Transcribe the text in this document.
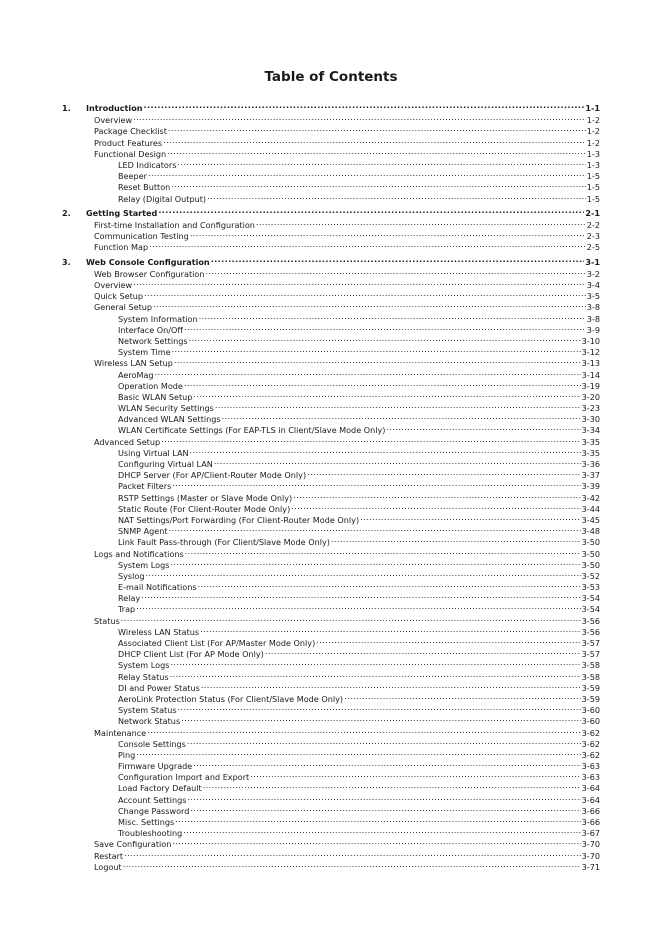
Table of Contents
1.	Introduction .....	1-1
Overview .....	1-2
Package Checklist .....	1-2
Product Features .....	1-2
Functional Design .....	1-3
LED Indicators .....	1-3
Beeper .....	1-5
Reset Button .....	1-5
Relay (Digital Output) .....	1-5
2.	Getting Started .....	2-1
First-time Installation and Configuration .....	2-2
Communication Testing .....	2-3
Function Map .....	2-5
3.	Web Console Configuration .....	3-1
Web Browser Configuration .....	3-2
Overview .....	3-4
Quick Setup .....	3-5
General Setup .....	3-8
System Information .....	3-8
Interface On/Off .....	3-9
Network Settings .....	3-10
System Time .....	3-12
Wireless LAN Setup .....	3-13
AeroMag .....	3-14
Operation Mode .....	3-19
Basic WLAN Setup .....	3-20
WLAN Security Settings .....	3-23
Advanced WLAN Settings .....	3-30
WLAN Certificate Settings (For EAP-TLS in Client/Slave Mode Only) .....	3-34
Advanced Setup .....	3-35
Using Virtual LAN .....	3-35
Configuring Virtual LAN .....	3-36
DHCP Server (For AP/Client-Router Mode Only) .....	3-37
Packet Filters .....	3-39
RSTP Settings (Master or Slave Mode Only) .....	3-42
Static Route (For Client-Router Mode Only) .....	3-44
NAT Settings/Port Forwarding (For Client-Router Mode Only) .....	3-45
SNMP Agent .....	3-48
Link Fault Pass-through (For Client/Slave Mode Only) .....	3-50
Logs and Notifications .....	3-50
System Logs .....	3-50
Syslog .....	3-52
E-mail Notifications .....	3-53
Relay .....	3-54
Trap .....	3-54
Status .....	3-56
Wireless LAN Status .....	3-56
Associated Client List (For AP/Master Mode Only) .....	3-57
DHCP Client List (For AP Mode Only) .....	3-57
System Logs .....	3-58
Relay Status .....	3-58
DI and Power Status .....	3-59
AeroLink Protection Status (For Client/Slave Mode Only) .....	3-59
System Status .....	3-60
Network Status .....	3-60
Maintenance .....	3-62
Console Settings .....	3-62
Ping .....	3-62
Firmware Upgrade .....	3-63
Configuration Import and Export .....	3-63
Load Factory Default .....	3-64
Account Settings .....	3-64
Change Password .....	3-66
Misc. Settings .....	3-66
Troubleshooting .....	3-67
Save Configuration .....	3-70
Restart .....	3-70
Logout .....	3-71
